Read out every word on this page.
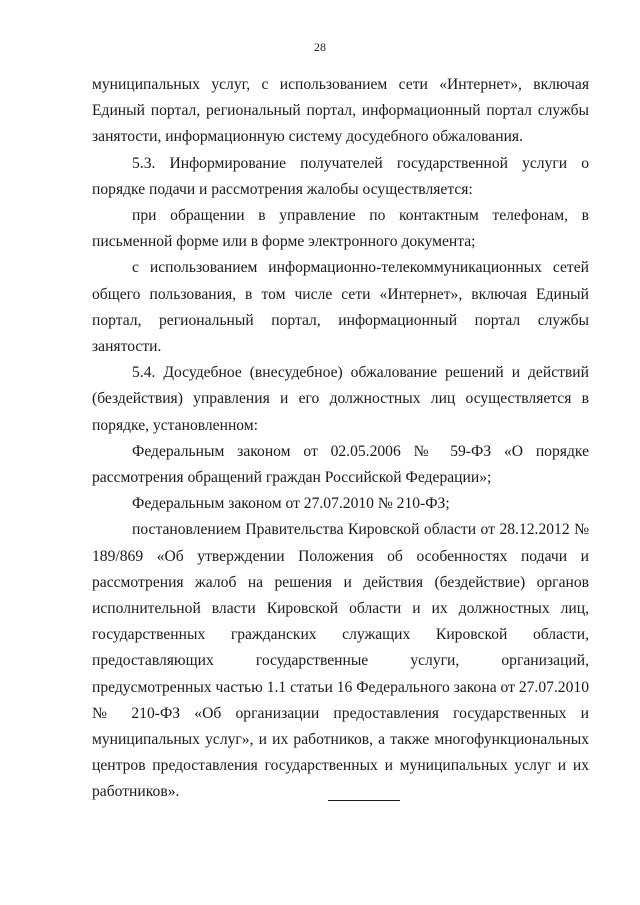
28

муниципальных услуг, с использованием сети «Интернет», включая Единый портал, региональный портал, информационный портал службы занятости, информационную систему досудебного обжалования.

5.3. Информирование получателей государственной услуги о порядке подачи и рассмотрения жалобы осуществляется:

при обращении в управление по контактным телефонам, в письменной форме или в форме электронного документа;

с использованием информационно-телекоммуникационных сетей общего пользования, в том числе сети «Интернет», включая Единый портал, региональный портал, информационный портал службы занятости.

5.4. Досудебное (внесудебное) обжалование решений и действий (бездействия) управления и его должностных лиц осуществляется в порядке, установленном:

Федеральным законом от 02.05.2006 № 59-ФЗ «О порядке рассмотрения обращений граждан Российской Федерации»;

Федеральным законом от 27.07.2010 № 210-ФЗ;

постановлением Правительства Кировской области от 28.12.2012 № 189/869 «Об утверждении Положения об особенностях подачи и рассмотрения жалоб на решения и действия (бездействие) органов исполнительной власти Кировской области и их должностных лиц, государственных гражданских служащих Кировской области, предоставляющих государственные услуги, организаций, предусмотренных частью 1.1 статьи 16 Федерального закона от 27.07.2010 № 210-ФЗ «Об организации предоставления государственных и муниципальных услуг», и их работников, а также многофункциональных центров предоставления государственных и муниципальных услуг и их работников».
